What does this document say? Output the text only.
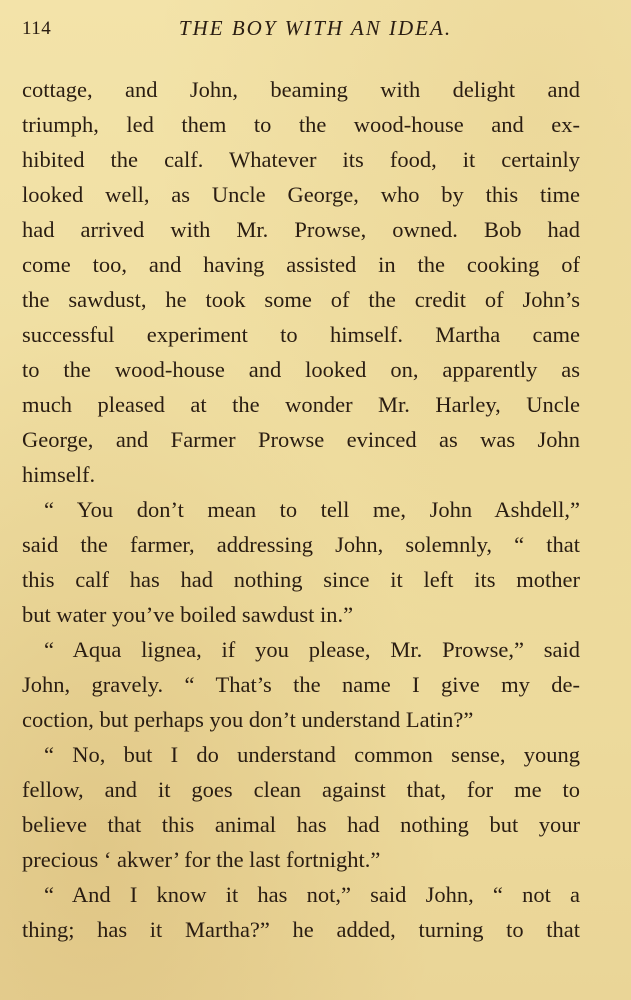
114	THE BOY WITH AN IDEA.
cottage, and John, beaming with delight and
triumph, led them to the wood-house and ex-
hibited the calf. Whatever its food, it certainly
looked well, as Uncle George, who by this time
had arrived with Mr. Prowse, owned. Bob had
come too, and having assisted in the cooking of
the sawdust, he took some of the credit of John’s
successful experiment to himself. Martha came
to the wood-house and looked on, apparently as
much pleased at the wonder Mr. Harley, Uncle
George, and Farmer Prowse evinced as was John
himself.
“ You don’t mean to tell me, John Ashdell,”
said the farmer, addressing John, solemnly, “ that
this calf has had nothing since it left its mother
but water you’ve boiled sawdust in.”
“ Aqua lignea, if you please, Mr. Prowse,” said
John, gravely. “ That’s the name I give my de-
coction, but perhaps you don’t understand Latin?”
“ No, but I do understand common sense, young
fellow, and it goes clean against that, for me to
believe that this animal has had nothing but your
precious ‘ akwer’ for the last fortnight.”
“ And I know it has not,” said John, “ not a
thing; has it Martha?” he added, turning to that
